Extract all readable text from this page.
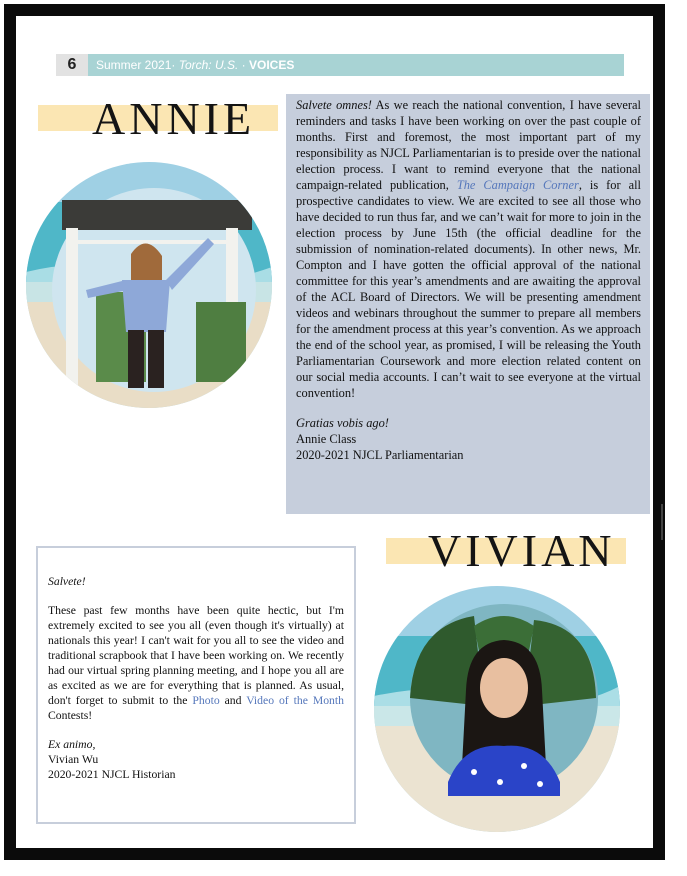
6	Summer 2021· Torch: U.S. · VOICES
ANNIE	Salvete omnes! As we reach the national convention, I have several reminders and tasks I have been working on over the past couple of months. First and foremost, the most important part of my responsibility as NJCL Parliamentarian is to preside over the national election process. I want to remind everyone that the national campaign-related publication, The Campaign Corner, is for all prospective candidates to view. We are excited to see all those who have decided to run thus far, and we can’t wait for more to join in the election process by June 15th (the official deadline for the submission of nomination-related documents). In other news, Mr. Compton and I have gotten the official approval of the national committee for this year’s amendments and are awaiting the approval of the ACL Board of Directors. We will be presenting amendment videos and webinars throughout the summer to prepare all members for the amendment process at this year’s convention. As we approach the end of the school year, as promised, I will be releasing the Youth Parliamentarian Coursework and more election related content on our social media accounts. I can’t wait to see everyone at the virtual convention!

Gratias vobis ago!
Annie Class
2020-2021 NJCL Parliamentarian
VIVIAN

Salvete!

These past few months have been quite hectic, but I'm extremely excited to see you all (even though it's virtually) at nationals this year! I can't wait for you all to see the video and traditional scrapbook that I have been working on. We recently had our virtual spring planning meeting, and I hope you all are as excited as we are for everything that is planned. As usual, don't forget to submit to the Photo and Video of the Month Contests!

Ex animo,
Vivian Wu
2020-2021 NJCL Historian
